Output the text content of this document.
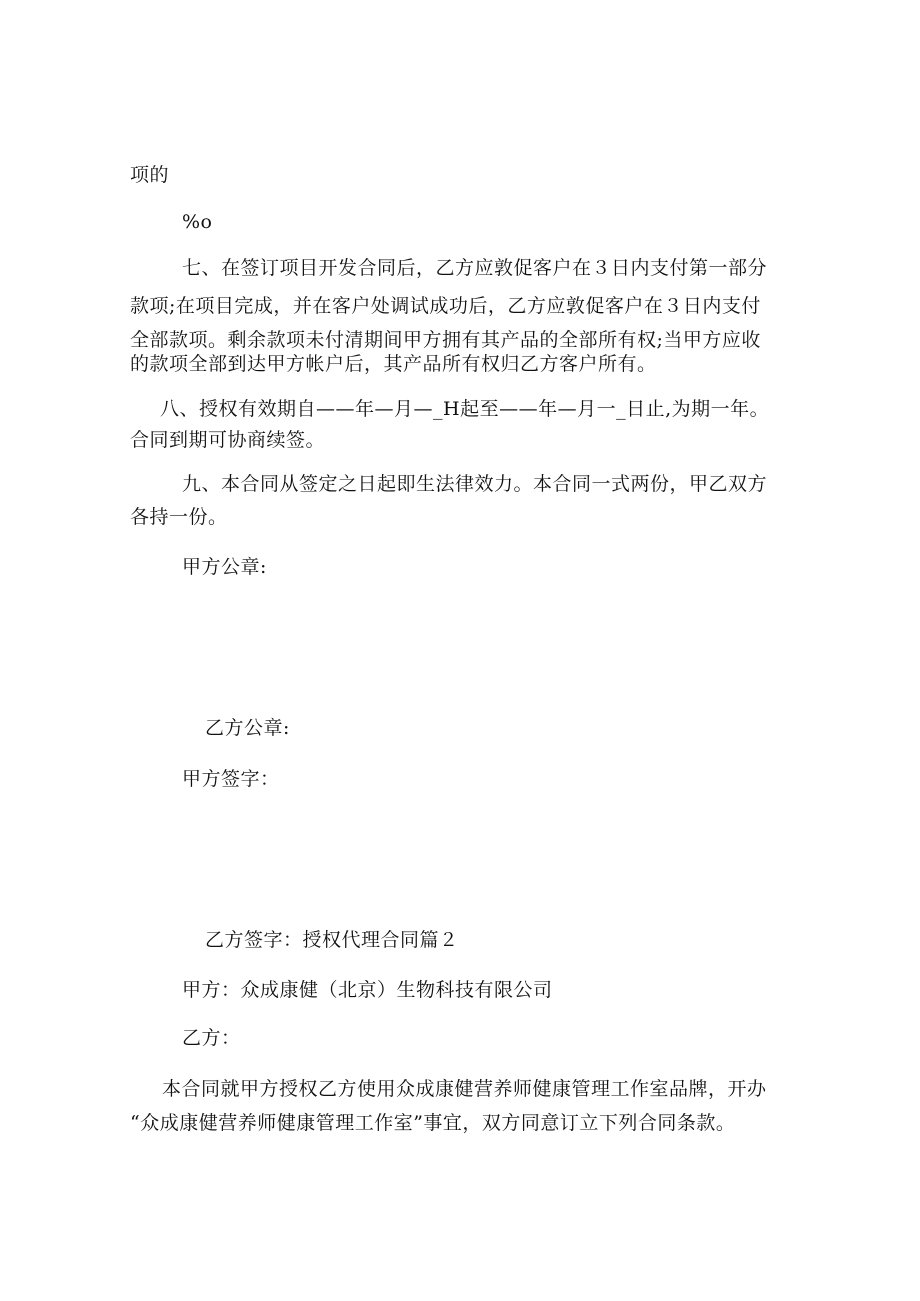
项的
%o
七、在签订项目开发合同后，乙方应敦促客户在３日内支付第一部分
款项;在项目完成，并在客户处调试成功后，乙方应敦促客户在３日内支付
全部款项。剩余款项未付清期间甲方拥有其产品的全部所有权;当甲方应收
的款项全部到达甲方帐户后，其产品所有权归乙方客户所有。
八、授权有效期自——年—月—_H起至——年—月一_日止,为期一年。
合同到期可协商续签。
九、本合同从签定之日起即生法律效力。本合同一式两份，甲乙双方
各持一份。
甲方公章:
乙方公章:
甲方签字：
乙方签字：授权代理合同篇２
甲方：众成康健（北京）生物科技有限公司
乙方：
本合同就甲方授权乙方使用众成康健营养师健康管理工作室品牌，开办
“众成康健营养师健康管理工作室”事宜，双方同意订立下列合同条款。
